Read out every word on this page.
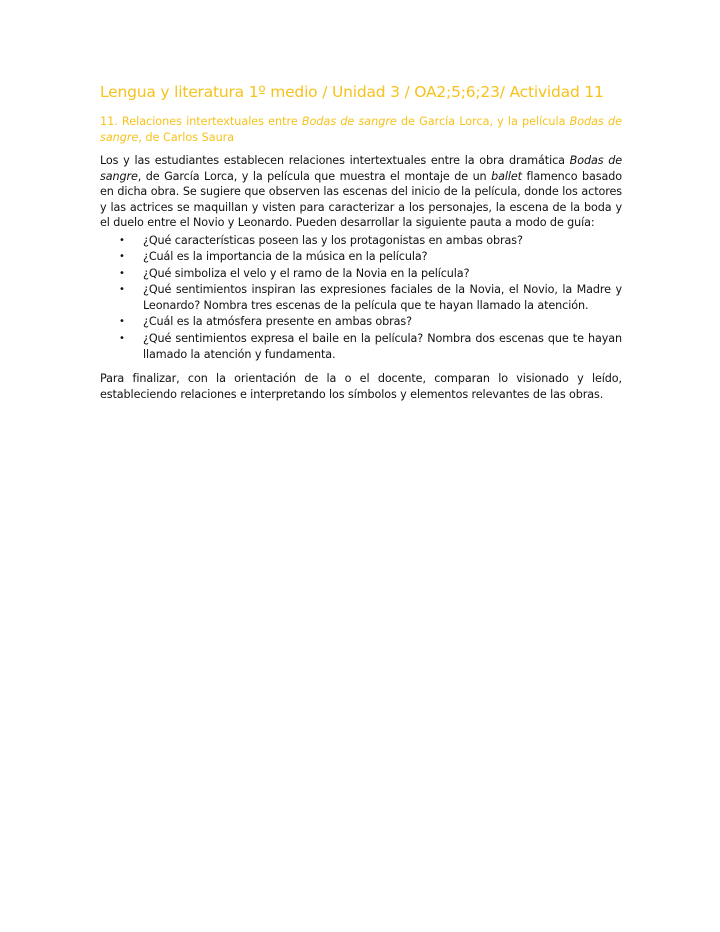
Lengua y literatura 1º medio / Unidad 3 / OA2;5;6;23/ Actividad 11
11. Relaciones intertextuales entre Bodas de sangre de García Lorca, y la película Bodas de sangre, de Carlos Saura

Los y las estudiantes establecen relaciones intertextuales entre la obra dramática Bodas de sangre, de García Lorca, y la película que muestra el montaje de un ballet flamenco basado en dicha obra. Se sugiere que observen las escenas del inicio de la película, donde los actores y las actrices se maquillan y visten para caracterizar a los personajes, la escena de la boda y el duelo entre el Novio y Leonardo. Pueden desarrollar la siguiente pauta a modo de guía:

• ¿Qué características poseen las y los protagonistas en ambas obras?
• ¿Cuál es la importancia de la música en la película?
• ¿Qué simboliza el velo y el ramo de la Novia en la película?
• ¿Qué sentimientos inspiran las expresiones faciales de la Novia, el Novio, la Madre y Leonardo? Nombra tres escenas de la película que te hayan llamado la atención.
• ¿Cuál es la atmósfera presente en ambas obras?
• ¿Qué sentimientos expresa el baile en la película? Nombra dos escenas que te hayan llamado la atención y fundamenta.

Para finalizar, con la orientación de la o el docente, comparan lo visionado y leído, estableciendo relaciones e interpretando los símbolos y elementos relevantes de las obras.
